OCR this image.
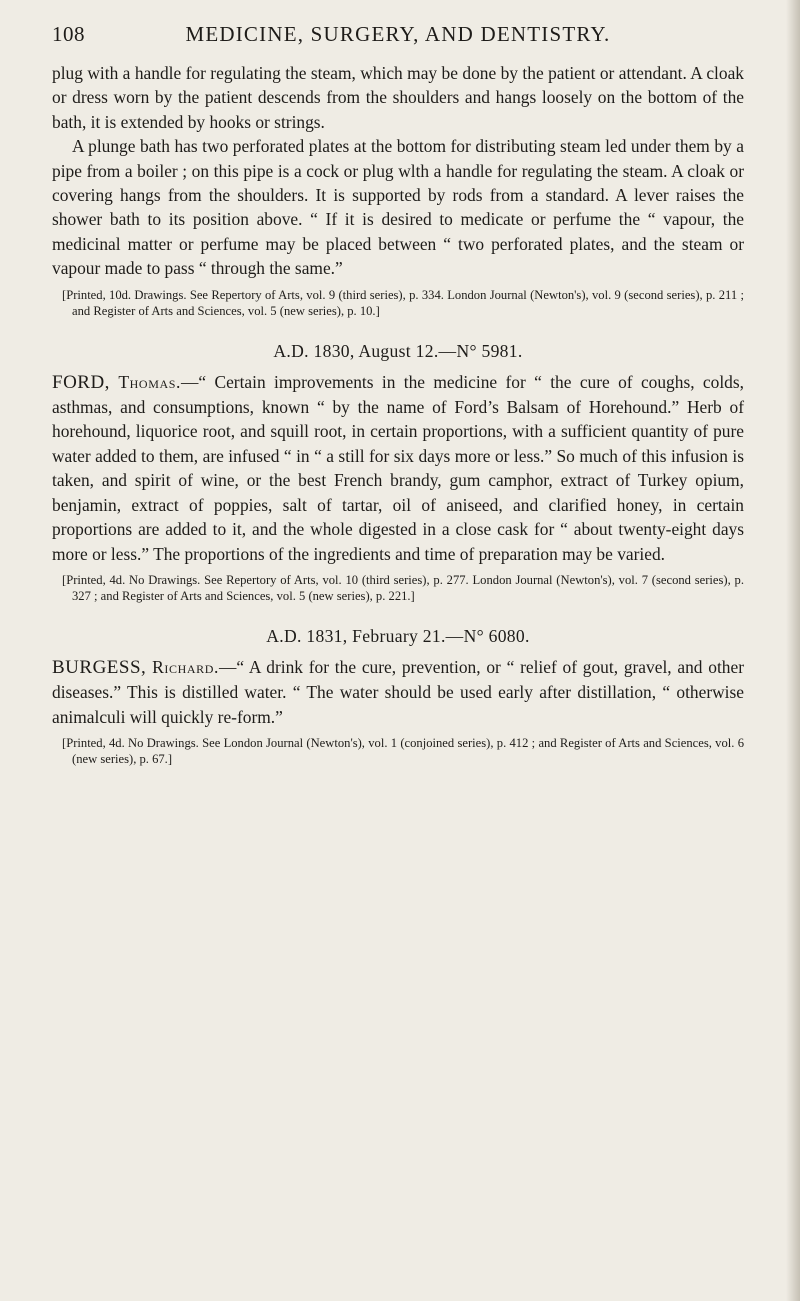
108	MEDICINE, SURGERY, AND DENTISTRY.

plug with a handle for regulating the steam, which may be done by the patient or attendant. A cloak or dress worn by the patient descends from the shoulders and hangs loosely on the bottom of the bath, it is extended by hooks or strings.

A plunge bath has two perforated plates at the bottom for distributing steam led under them by a pipe from a boiler ; on this pipe is a cock or plug wlth a handle for regulating the steam. A cloak or covering hangs from the shoulders. It is supported by rods from a standard. A lever raises the shower bath to its position above. “ If it is desired to medicate or perfume the “ vapour, the medicinal matter or perfume may be placed between “ two perforated plates, and the steam or vapour made to pass “ through the same.”

[Printed, 10d. Drawings. See Repertory of Arts, vol. 9 (third series), p. 334. London Journal (Newton's), vol. 9 (second series), p. 211 ; and Register of Arts and Sciences, vol. 5 (new series), p. 10.]

A.D. 1830, August 12.—N° 5981.

FORD, Thomas.—“ Certain improvements in the medicine for “ the cure of coughs, colds, asthmas, and consumptions, known “ by the name of Ford’s Balsam of Horehound.” Herb of horehound, liquorice root, and squill root, in certain proportions, with a sufficient quantity of pure water added to them, are infused “ in “ a still for six days more or less.” So much of this infusion is taken, and spirit of wine, or the best French brandy, gum camphor, extract of Turkey opium, benjamin, extract of poppies, salt of tartar, oil of aniseed, and clarified honey, in certain proportions are added to it, and the whole digested in a close cask for “ about twenty-eight days more or less.” The proportions of the ingredients and time of preparation may be varied.

[Printed, 4d. No Drawings. See Repertory of Arts, vol. 10 (third series), p. 277. London Journal (Newton's), vol. 7 (second series), p. 327 ; and Register of Arts and Sciences, vol. 5 (new series), p. 221.]

A.D. 1831, February 21.—N° 6080.

BURGESS, Richard.—“ A drink for the cure, prevention, or “ relief of gout, gravel, and other diseases.” This is distilled water. “ The water should be used early after distillation, “ otherwise animalculi will quickly re-form.”

[Printed, 4d. No Drawings. See London Journal (Newton's), vol. 1 (conjoined series), p. 412 ; and Register of Arts and Sciences, vol. 6 (new series), p. 67.]
